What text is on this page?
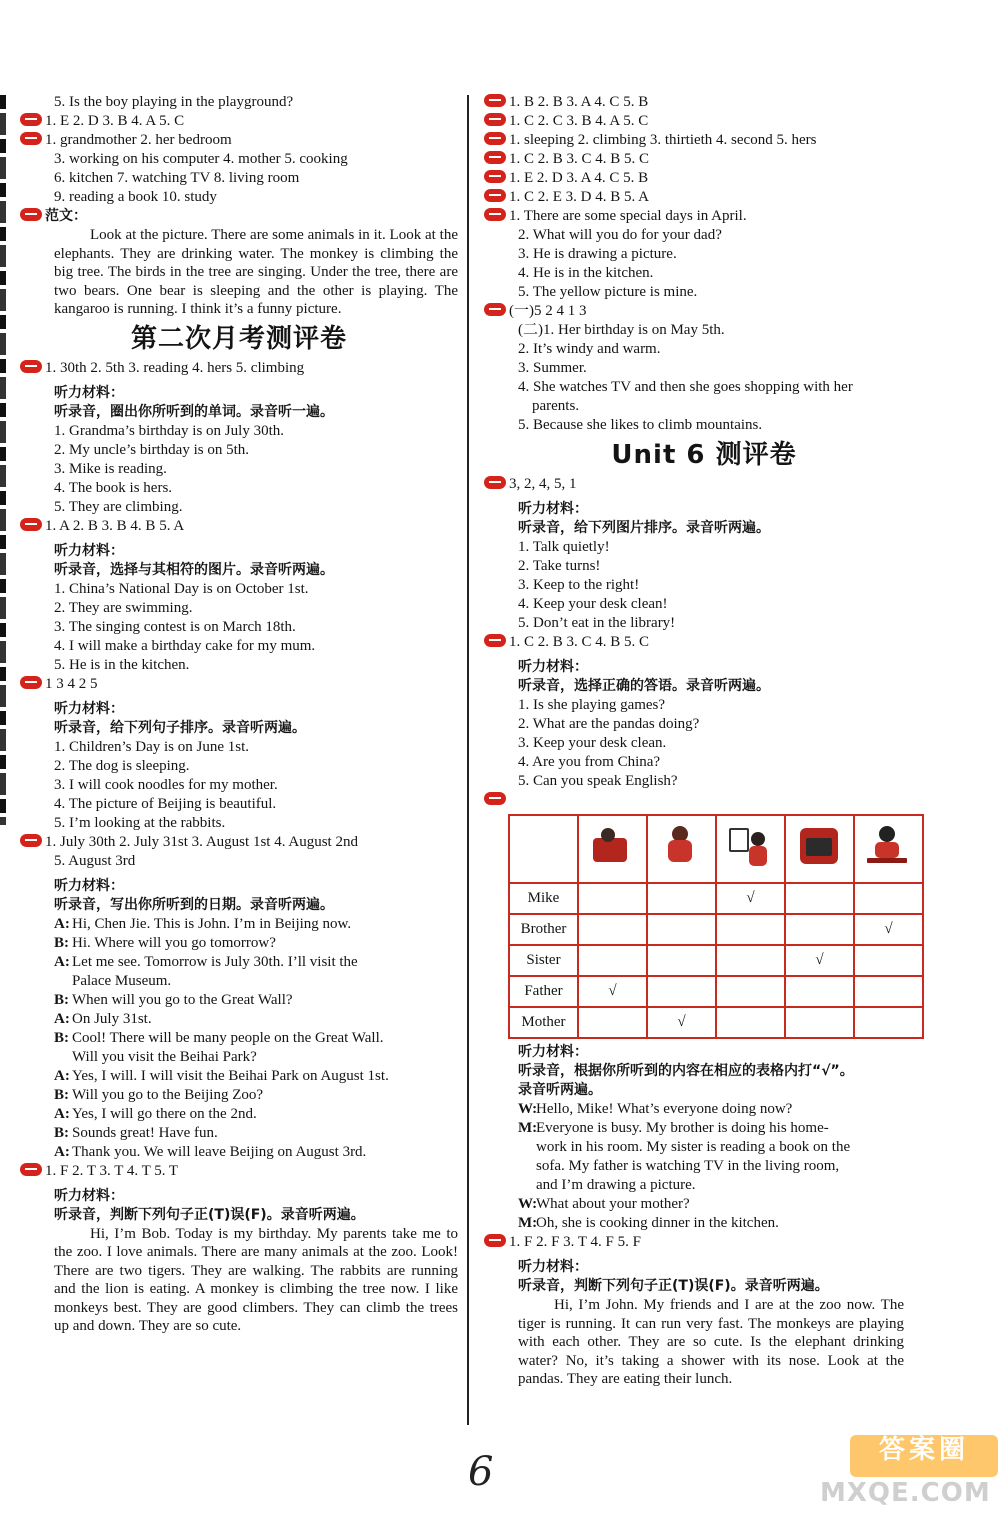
5. Is the boy playing in the playground?
1. E 2. D 3. B 4. A 5. C
1. grandmother 2. her bedroom
3. working on his computer 4. mother 5. cooking
6. kitchen 7. watching TV 8. living room
9. reading a book 10. study
范文：
Look at the picture. There are some animals in it. Look at the elephants. They are drinking water. The monkey is climbing the big tree. The birds in the tree are singing. Under the tree, there are two bears. One bear is sleeping and the other is playing. The kangaroo is running. I think it’s a funny picture.
第二次月考测评卷
1. 30th 2. 5th 3. reading 4. hers 5. climbing
听力材料：
听录音，圈出你所听到的单词。录音听一遍。
1. Grandma’s birthday is on July 30th.
2. My uncle’s birthday is on 5th.
3. Mike is reading.
4. The book is hers.
5. They are climbing.
1. A 2. B 3. B 4. B 5. A
听力材料：
听录音，选择与其相符的图片。录音听两遍。
1. China’s National Day is on October 1st.
2. They are swimming.
3. The singing contest is on March 18th.
4. I will make a birthday cake for my mum.
5. He is in the kitchen.
1 3 4 2 5
听力材料：
听录音，给下列句子排序。录音听两遍。
1. Children’s Day is on June 1st.
2. The dog is sleeping.
3. I will cook noodles for my mother.
4. The picture of Beijing is beautiful.
5. I’m looking at the rabbits.
1. July 30th 2. July 31st 3. August 1st 4. August 2nd
5. August 3rd
听力材料：
听录音，写出你所听到的日期。录音听两遍。
A: Hi, Chen Jie. This is John. I’m in Beijing now.
B: Hi. Where will you go tomorrow?
A: Let me see. Tomorrow is July 30th. I’ll visit the
Palace Museum.
B: When will you go to the Great Wall?
A: On July 31st.
B: Cool! There will be many people on the Great Wall.
Will you visit the Beihai Park?
A: Yes, I will. I will visit the Beihai Park on August 1st.
B: Will you go to the Beijing Zoo?
A: Yes, I will go there on the 2nd.
B: Sounds great! Have fun.
A: Thank you. We will leave Beijing on August 3rd.
1. F 2. T 3. T 4. T 5. T
听力材料：
听录音，判断下列句子正(T)误(F)。录音听两遍。
Hi, I’m Bob. Today is my birthday. My parents take me to the zoo. I love animals. There are many animals at the zoo. Look! There are two tigers. They are walking. The rabbits are running and the lion is eating. A monkey is climbing the tree now. I like monkeys best. They are good climbers. They can climb the trees up and down. They are so cute.
1. B 2. B 3. A 4. C 5. B
1. C 2. C 3. B 4. A 5. C
1. sleeping 2. climbing 3. thirtieth 4. second 5. hers
1. C 2. B 3. C 4. B 5. C
1. E 2. D 3. A 4. C 5. B
1. C 2. E 3. D 4. B 5. A
1. There are some special days in April.
2. What will you do for your dad?
3. He is drawing a picture.
4. He is in the kitchen.
5. The yellow picture is mine.
(一)5 2 4 1 3
(二)1. Her birthday is on May 5th.
2. It’s windy and warm.
3. Summer.
4. She watches TV and then she goes shopping with her
parents.
5. Because she likes to climb mountains.
Unit 6 测评卷
3, 2, 4, 5, 1
听力材料：
听录音，给下列图片排序。录音听两遍。
1. Talk quietly!
2. Take turns!
3. Keep to the right!
4. Keep your desk clean!
5. Don’t eat in the library!
1. C 2. B 3. C 4. B 5. C
听力材料：
听录音，选择正确的答语。录音听两遍。
1. Is she playing games?
2. What are the pandas doing?
3. Keep your desk clean.
4. Are you from China?
5. Can you speak English?

Mike			√		
Brother					√
Sister				√	
Father	√				
Mother		√			
听力材料：
听录音，根据你所听到的内容在相应的表格内打“√”。
录音听两遍。
W:Hello, Mike! What’s everyone doing now?
M:Everyone is busy. My brother is doing his home-
work in his room. My sister is reading a book on the
sofa. My father is watching TV in the living room,
and I’m drawing a picture.
W:What about your mother?
M:Oh, she is cooking dinner in the kitchen.
1. F 2. F 3. T 4. F 5. F
听力材料：
听录音，判断下列句子正(T)误(F)。录音听两遍。
Hi, I’m John. My friends and I are at the zoo now. The tiger is running. It can run very fast. The monkeys are playing with each other. They are so cute. Is the elephant drinking water? No, it’s taking a shower with its nose. Look at the pandas. They are eating their lunch.
6	答案圈
MXQE.COM
